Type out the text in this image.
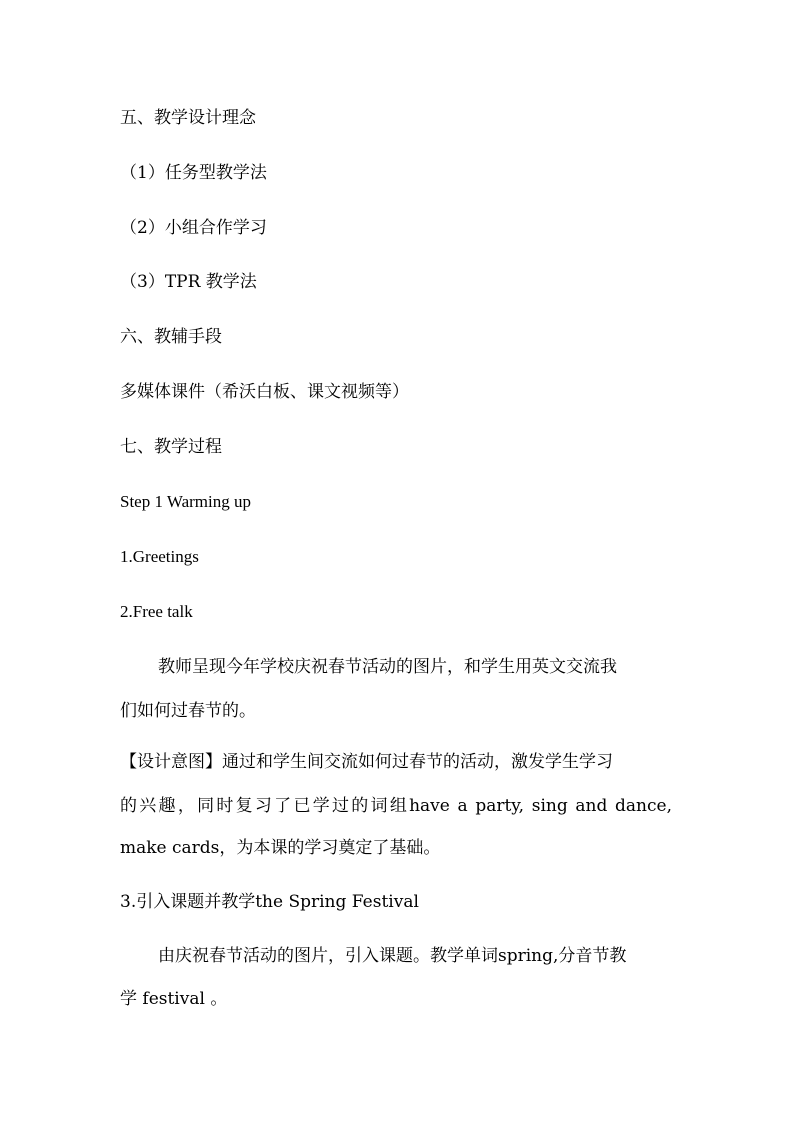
五、教学设计理念
（1）任务型教学法
（2）小组合作学习
（3）TPR 教学法
六、教辅手段
多媒体课件（希沃白板、课文视频等）
七、教学过程
Step 1 Warming up
1.Greetings
2.Free talk
教师呈现今年学校庆祝春节活动的图片，和学生用英文交流我
们如何过春节的。
【设计意图】通过和学生间交流如何过春节的活动，激发学生学习
的兴趣，同时复习了已学过的词组have a party, sing and dance,
make cards，为本课的学习奠定了基础。
3.引入课题并教学the Spring Festival
由庆祝春节活动的图片，引入课题。教学单词spring,分音节教
学 festival 。
